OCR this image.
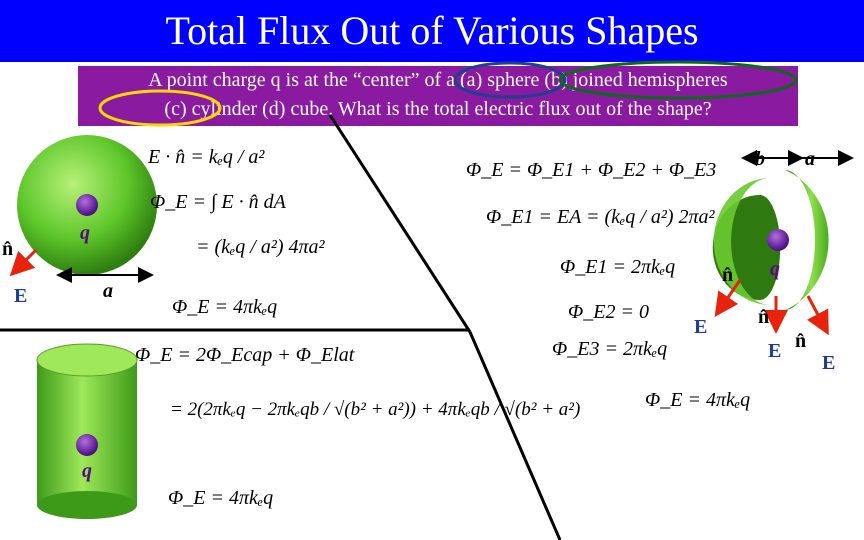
Total Flux Out of Various Shapes
A point charge q is at the “center” of a (a) sphere (b) joined hemispheres
(c) cylinder (d) cube. What is the total electric flux out of the shape?
q
n̂
E	a
q
b a
q
n̂
E	n̂
E n̂
E
E · n̂ = kₑq / a²
Φ_E = ∫ E · n̂ dA
= (kₑq / a²) 4πa²
Φ_E = 4πkₑq
Φ_E = Φ_E1 + Φ_E2 + Φ_E3
Φ_E1 = EA = (kₑq / a²) 2πa²
Φ_E1 = 2πkₑq
Φ_E2 = 0
Φ_E3 = 2πkₑq
Φ_E = 4πkₑq
Φ_E = 2Φ_Ecap + Φ_Elat
= 2(2πkₑq − 2πkₑqb / √(b² + a²)) + 4πkₑqb / √(b² + a²)
Φ_E = 4πkₑq
